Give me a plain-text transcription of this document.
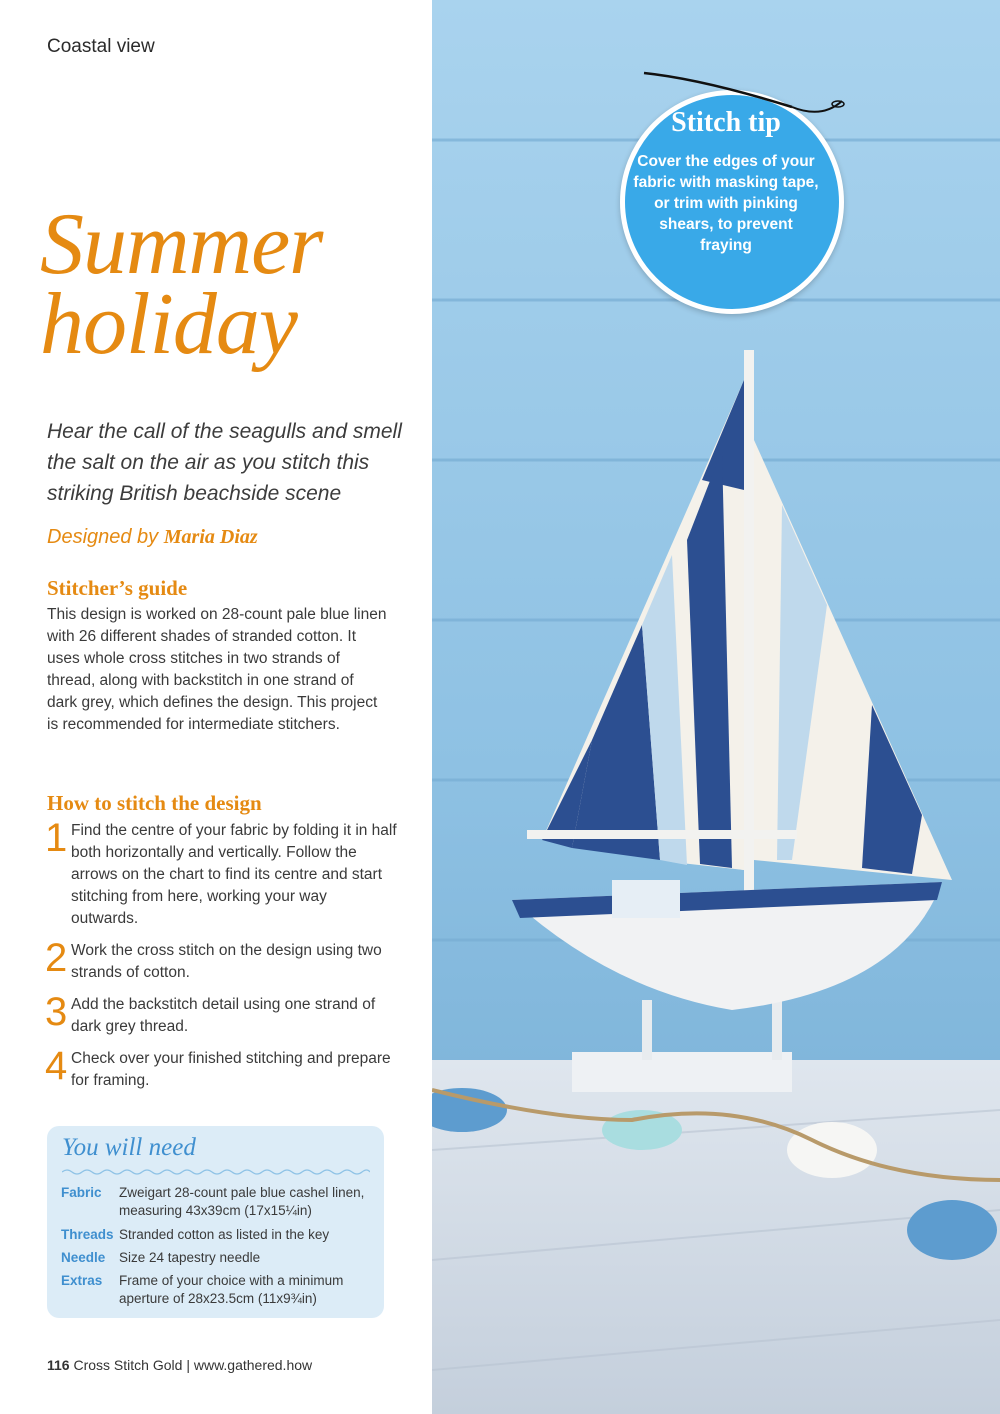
Coastal view
Summer
holiday

Hear the call of the seagulls and smell the salt on the air as you stitch this striking British beachside scene

Designed by Maria Diaz
Stitcher’s guide

This design is worked on 28-count pale blue linen with 26 different shades of stranded cotton. It uses whole cross stitches in two strands of thread, along with backstitch in one strand of dark grey, which defines the design. This project is recommended for intermediate stitchers.

How to stitch the design
1 Find the centre of your fabric by folding it in half both horizontally and vertically. Follow the arrows on the chart to find its centre and start stitching from here, working your way outwards.
2 Work the cross stitch on the design using two strands of cotton.
3 Add the backstitch detail using one strand of dark grey thread.
4 Check over your finished stitching and prepare for framing.
You will need
Fabric	Zweigart 28-count pale blue cashel linen, measuring 43x39cm (17x15¼in)
Threads Stranded cotton as listed in the key
Needle	Size 24 tapestry needle
Extras	Frame of your choice with a minimum aperture of 28x23.5cm (11x9¾in)
116 Cross Stitch Gold | www.gathered.how
Stitch tip
Cover the edges of your fabric with masking tape, or trim with pinking shears, to prevent fraying
